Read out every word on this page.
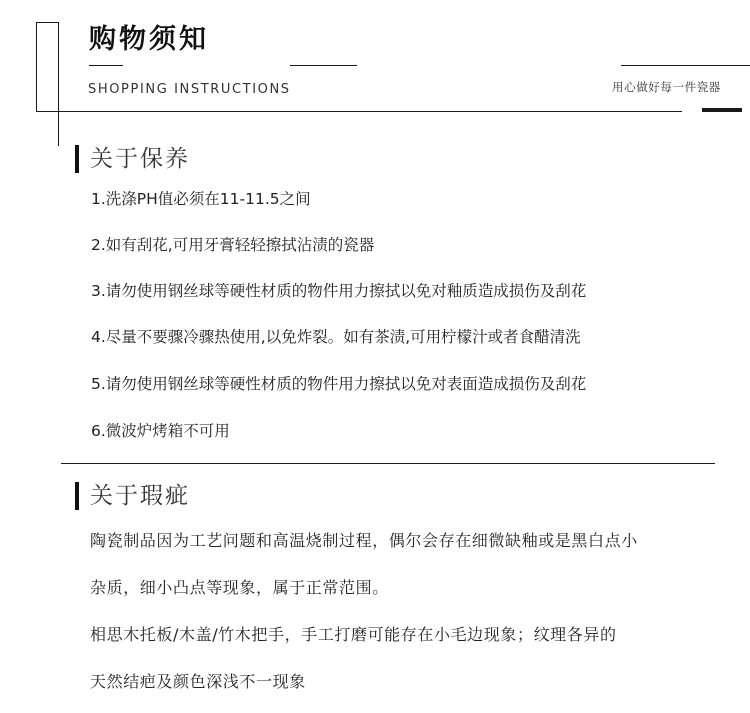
购物须知
SHOPPING INSTRUCTIONS	用心做好每一件瓷器
关于保养
1.洗涤PH值必须在11-11.5之间
2.如有刮花,可用牙膏轻轻擦拭沾渍的瓷器
3.请勿使用钢丝球等硬性材质的物件用力擦拭以免对釉质造成损伤及刮花
4.尽量不要骤冷骤热使用,以免炸裂。如有茶渍,可用柠檬汁或者食醋清洗
5.请勿使用钢丝球等硬性材质的物件用力擦拭以免对表面造成损伤及刮花
6.微波炉烤箱不可用
关于瑕疵
陶瓷制品因为工艺问题和高温烧制过程，偶尔会存在细微缺釉或是黑白点小
杂质，细小凸点等现象，属于正常范围。
相思木托板/木盖/竹木把手，手工打磨可能存在小毛边现象；纹理各异的
天然结疤及颜色深浅不一现象
